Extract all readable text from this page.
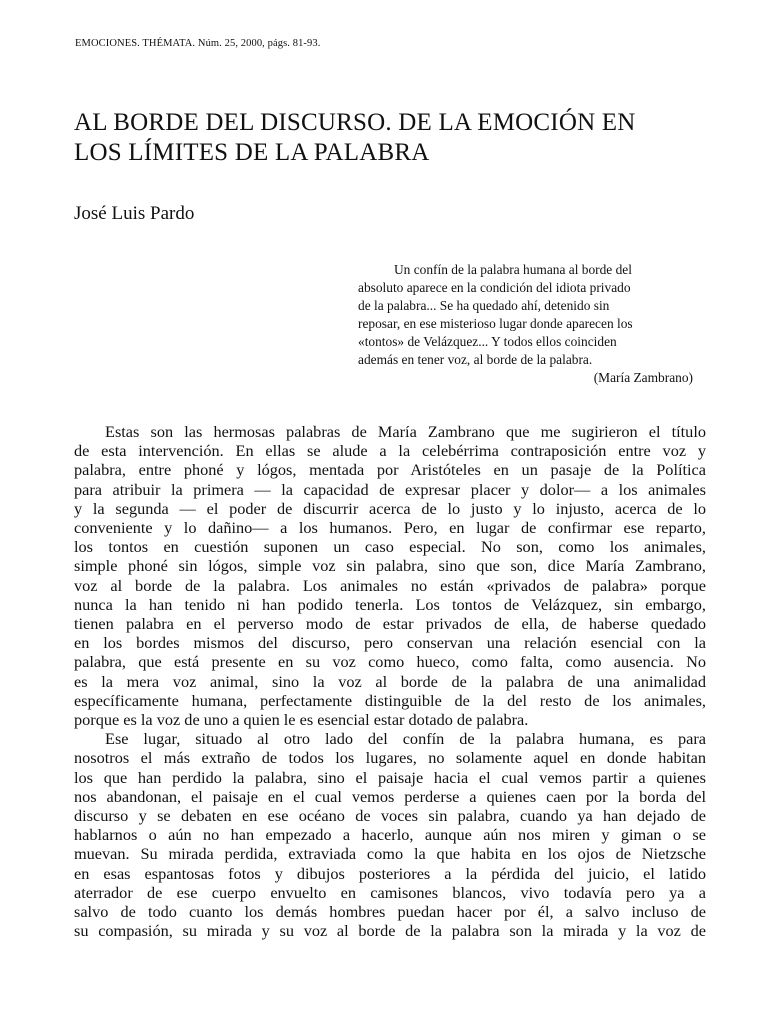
EMOCIONES. THÉMATA. Núm. 25, 2000, págs. 81-93.
AL BORDE DEL DISCURSO. DE LA EMOCIÓN EN
LOS LÍMITES DE LA PALABRA
José Luis Pardo
Un confín de la palabra humana al borde del
absoluto aparece en la condición del idiota privado
de la palabra... Se ha quedado ahí, detenido sin
reposar, en ese misterioso lugar donde aparecen los
«tontos» de Velázquez... Y todos ellos coinciden
además en tener voz, al borde de la palabra.
(María Zambrano)

Estas son las hermosas palabras de María Zambrano que me sugirieron el título
de esta intervención. En ellas se alude a la celebérrima contraposición entre voz y
palabra, entre phoné y lógos, mentada por Aristóteles en un pasaje de la Política
para atribuir la primera — la capacidad de expresar placer y dolor— a los animales
y la segunda — el poder de discurrir acerca de lo justo y lo injusto, acerca de lo
conveniente y lo dañino— a los humanos. Pero, en lugar de confirmar ese reparto,
los tontos en cuestión suponen un caso especial. No son, como los animales,
simple phoné sin lógos, simple voz sin palabra, sino que son, dice María Zambrano,
voz al borde de la palabra. Los animales no están «privados de palabra» porque
nunca la han tenido ni han podido tenerla. Los tontos de Velázquez, sin embargo,
tienen palabra en el perverso modo de estar privados de ella, de haberse quedado
en los bordes mismos del discurso, pero conservan una relación esencial con la
palabra, que está presente en su voz como hueco, como falta, como ausencia. No
es la mera voz animal, sino la voz al borde de la palabra de una animalidad
específicamente humana, perfectamente distinguible de la del resto de los animales,
porque es la voz de uno a quien le es esencial estar dotado de palabra.

Ese lugar, situado al otro lado del confín de la palabra humana, es para
nosotros el más extraño de todos los lugares, no solamente aquel en donde habitan
los que han perdido la palabra, sino el paisaje hacia el cual vemos partir a quienes
nos abandonan, el paisaje en el cual vemos perderse a quienes caen por la borda del
discurso y se debaten en ese océano de voces sin palabra, cuando ya han dejado de
hablarnos o aún no han empezado a hacerlo, aunque aún nos miren y giman o se
muevan. Su mirada perdida, extraviada como la que habita en los ojos de Nietzsche
en esas espantosas fotos y dibujos posteriores a la pérdida del juicio, el latido
aterrador de ese cuerpo envuelto en camisones blancos, vivo todavía pero ya a
salvo de todo cuanto los demás hombres puedan hacer por él, a salvo incluso de
su compasión, su mirada y su voz al borde de la palabra son la mirada y la voz de
